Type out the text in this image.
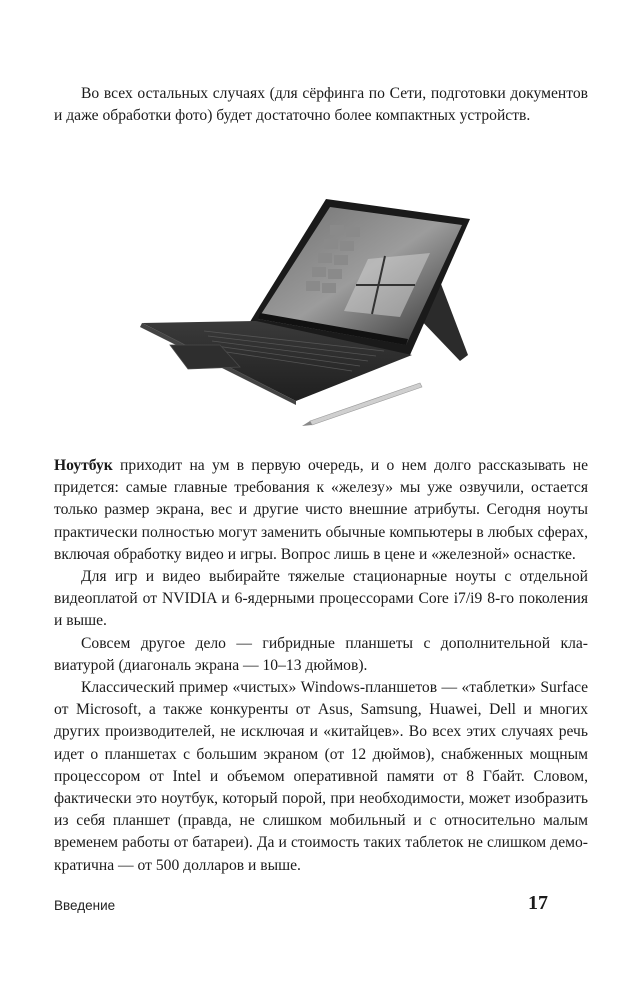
Во всех остальных случаях (для сёрфинга по Сети, подготовки документов и даже обработки фото) будет достаточно более компактных устройств.

Ноутбук приходит на ум в первую очередь, и о нем долго рассказывать не придется: самые главные требования к «железу» мы уже озвучили, остается только размер экрана, вес и другие чисто внешние атрибуты. Сегодня ноуты практически полностью могут заменить обычные компьютеры в любых сферах, включая обработку видео и игры. Вопрос лишь в цене и «железной» оснастке.

Для игр и видео выбирайте тяжелые стационарные ноуты с отдельной видеоплатой от NVIDIA и 6-ядерными процессорами Core i7/i9 8-го поколения и выше.

Совсем другое дело — гибридные планшеты с дополнительной клавиатурой (диагональ экрана — 10–13 дюймов).

Классический пример «чистых» Windows-планшетов — «таблетки» Surface от Microsoft, а также конкуренты от Asus, Samsung, Huawei, Dell и многих других производителей, не исключая и «китайцев». Во всех этих случаях речь идет о планшетах с большим экраном (от 12 дюймов), снабженных мощным процессором от Intel и объемом оперативной памяти от 8 Гбайт. Словом, фактически это ноутбук, который порой, при необходимости, может изобразить из себя планшет (правда, не слишком мобильный и с относительно малым временем работы от батареи). Да и стоимость таких таблеток не слишком демократична — от 500 долларов и выше.

Введение	17
